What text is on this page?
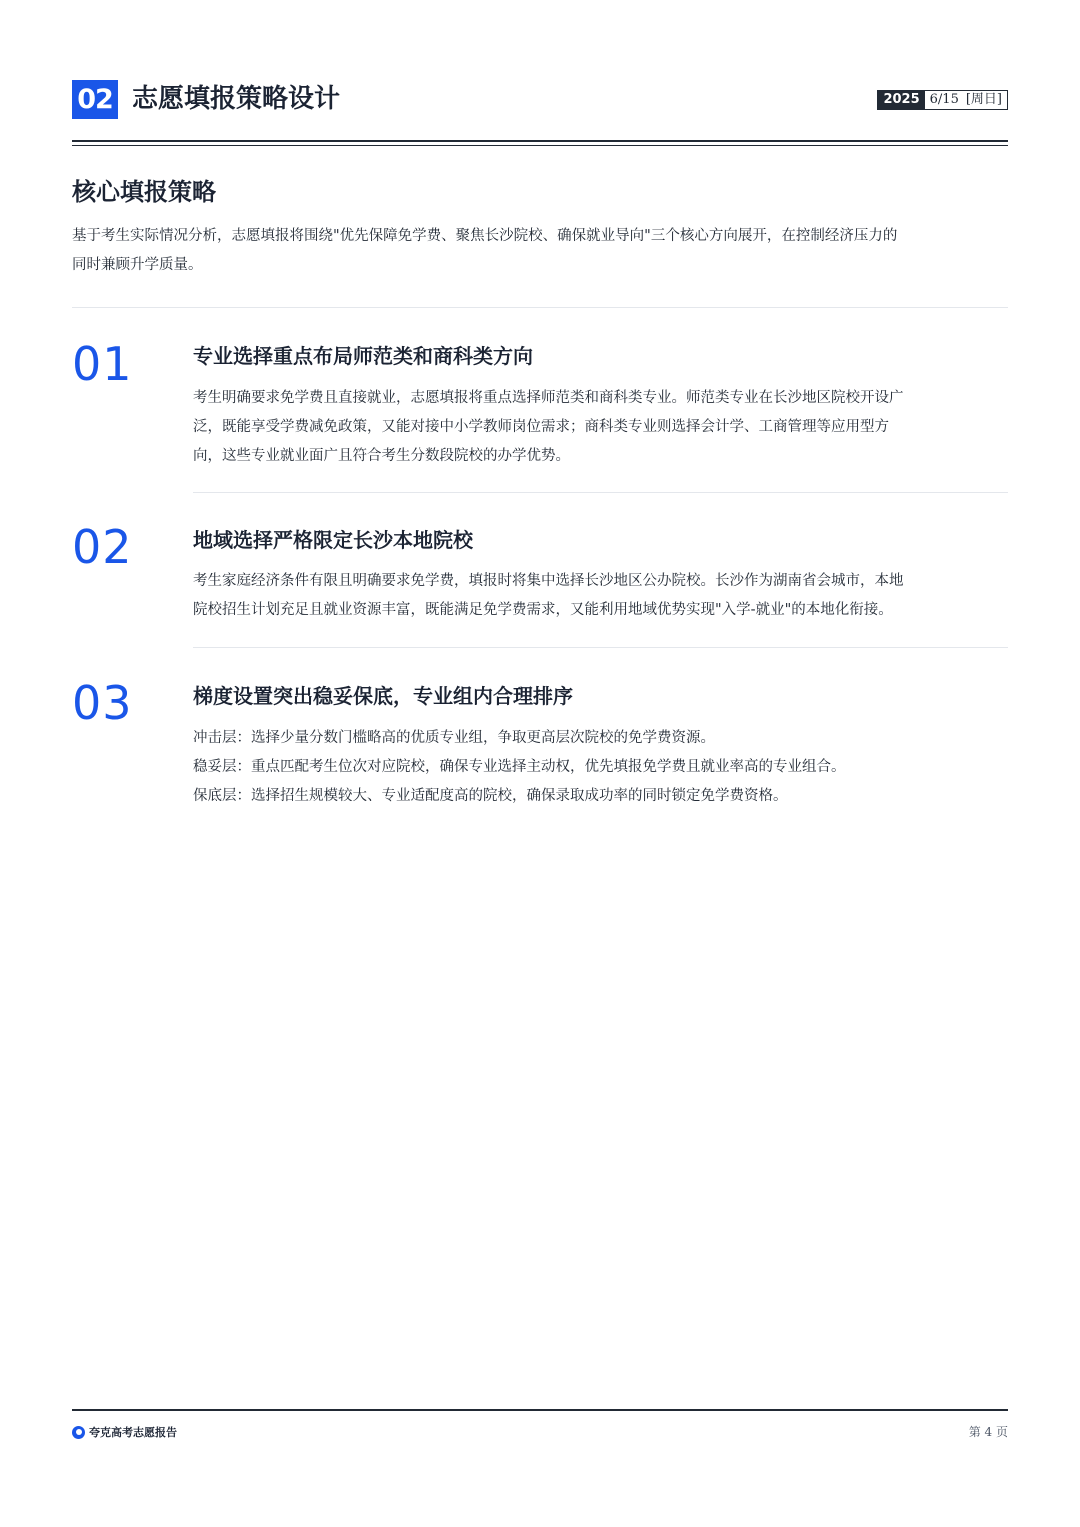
02 志愿填报策略设计	2025 6/15 [周日]
核心填报策略
基于考生实际情况分析，志愿填报将围绕"优先保障免学费、聚焦长沙院校、确保就业导向"三个核心方向展开，在控制经济压力的
同时兼顾升学质量。
01	专业选择重点布局师范类和商科类方向
考生明确要求免学费且直接就业，志愿填报将重点选择师范类和商科类专业。师范类专业在长沙地区院校开设广
泛，既能享受学费减免政策，又能对接中小学教师岗位需求；商科类专业则选择会计学、工商管理等应用型方
向，这些专业就业面广且符合考生分数段院校的办学优势。
02	地域选择严格限定长沙本地院校
考生家庭经济条件有限且明确要求免学费，填报时将集中选择长沙地区公办院校。长沙作为湖南省会城市，本地
院校招生计划充足且就业资源丰富，既能满足免学费需求，又能利用地域优势实现"入学-就业"的本地化衔接。
03	梯度设置突出稳妥保底，专业组内合理排序
冲击层：选择少量分数门槛略高的优质专业组，争取更高层次院校的免学费资源。
稳妥层：重点匹配考生位次对应院校，确保专业选择主动权，优先填报免学费且就业率高的专业组合。
保底层：选择招生规模较大、专业适配度高的院校，确保录取成功率的同时锁定免学费资格。
夸克高考志愿报告	第 4 页
